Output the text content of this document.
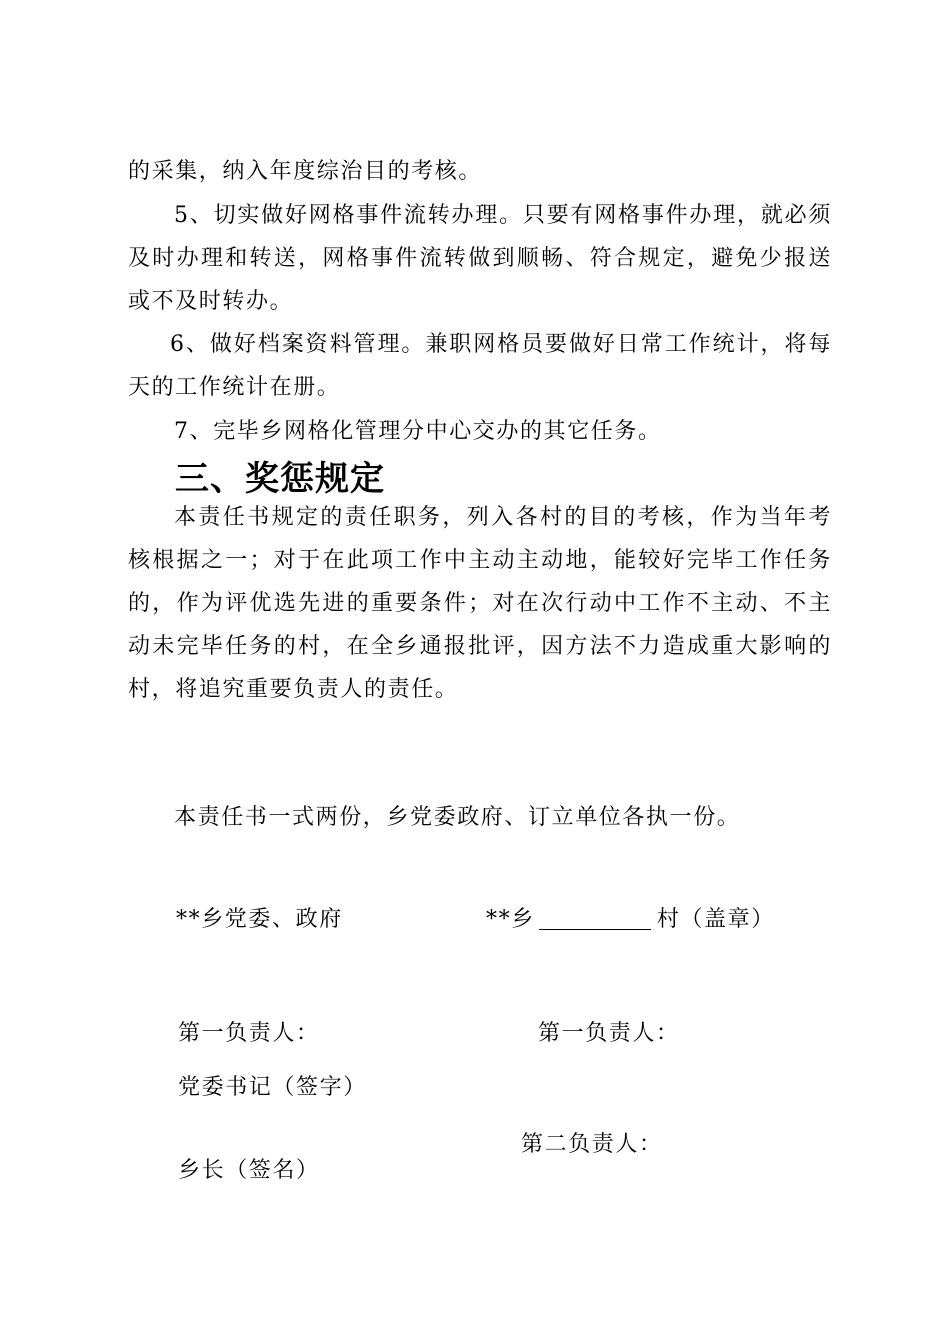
的采集，纳入年度综治目的考核。

5、切实做好网格事件流转办理。只要有网格事件办理，就必须及时办理和转送，网格事件流转做到顺畅、符合规定，避免少报送或不及时转办。

6、做好档案资料管理。兼职网格员要做好日常工作统计，将每天的工作统计在册。

7、完毕乡网格化管理分中心交办的其它任务。

三、奖惩规定

本责任书规定的责任职务，列入各村的目的考核，作为当年考核根据之一；对于在此项工作中主动主动地，能较好完毕工作任务的，作为评优选先进的重要条件；对在次行动中工作不主动、不主动未完毕任务的村，在全乡通报批评，因方法不力造成重大影响的村，将追究重要负责人的责任。

本责任书一式两份，乡党委政府、订立单位各执一份。

**乡党委、政府	**乡	村（盖章）

第一负责人：	第一负责人：

党委书记（签字）

第二负责人：

乡长（签名）
